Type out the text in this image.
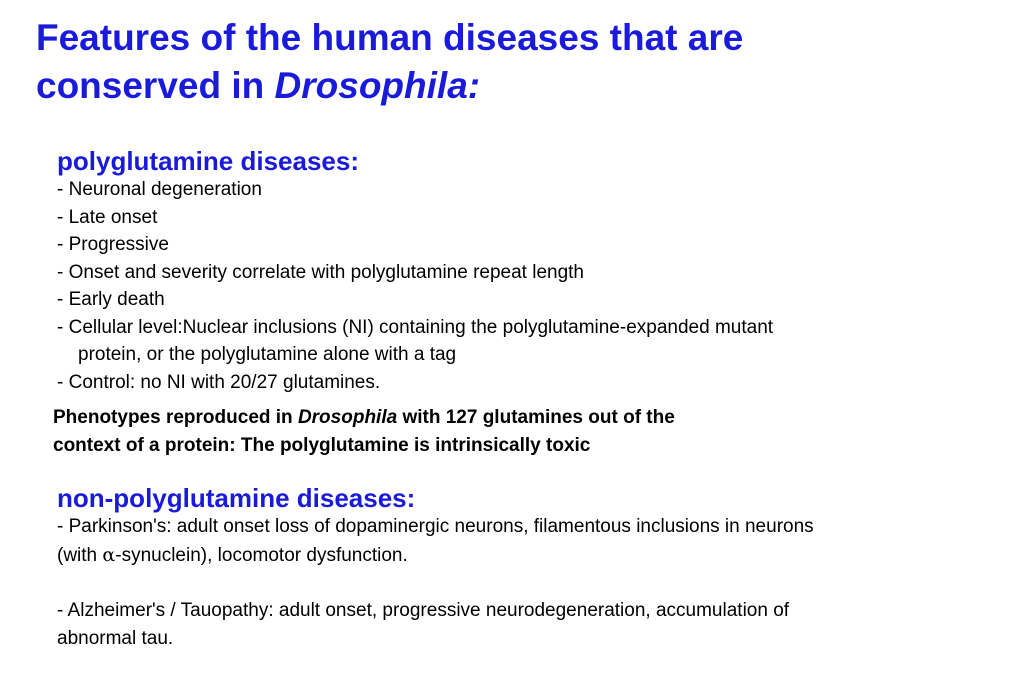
Features of the human diseases that are
conserved in Drosophila:

polyglutamine diseases:

- Neuronal degeneration

- Late onset

- Progressive

- Onset and severity correlate with polyglutamine repeat length

- Early death

- Cellular level:Nuclear inclusions (NI) containing the polyglutamine-expanded mutant

protein, or the polyglutamine alone with a tag

- Control: no NI with 20/27 glutamines.

Phenotypes reproduced in Drosophila with 127 glutamines out of the
context of a protein: The polyglutamine is intrinsically toxic

non-polyglutamine diseases:

- Parkinson's: adult onset loss of dopaminergic neurons, filamentous inclusions in neurons
(with α-synuclein), locomotor dysfunction.

- Alzheimer's / Tauopathy: adult onset, progressive neurodegeneration, accumulation of
abnormal tau.
